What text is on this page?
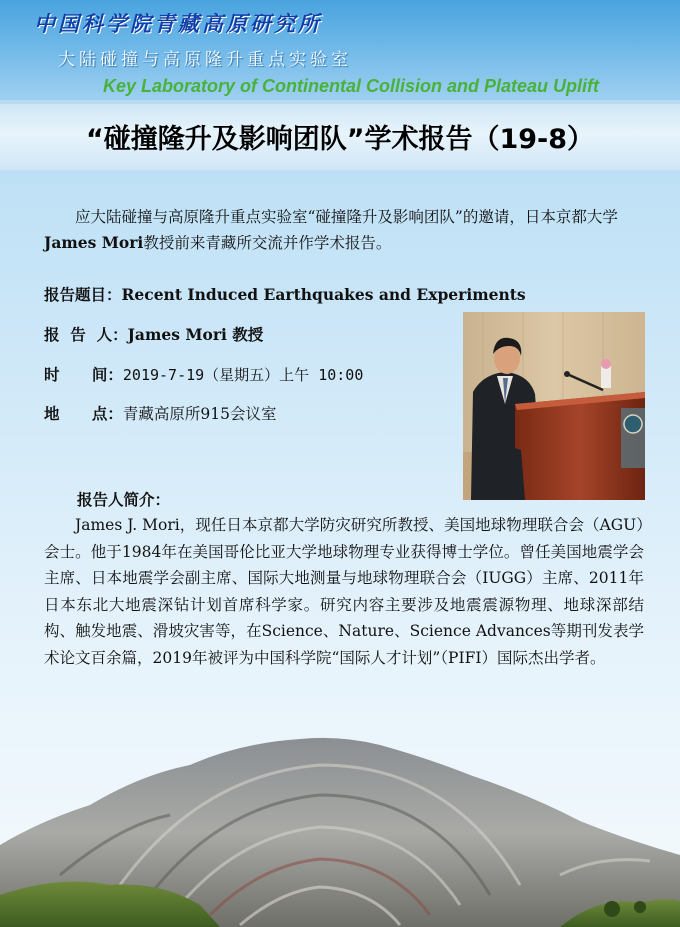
中国科学院青藏高原研究所
大陆碰撞与高原隆升重点实验室
Key Laboratory of Continental Collision and Plateau Uplift
“碰撞隆升及影响团队”学术报告（19-8）
应大陆碰撞与高原隆升重点实验室“碰撞隆升及影响团队”的邀请，日本京都大学James Mori教授前来青藏所交流并作学术报告。
报告题目：Recent Induced Earthquakes and Experiments
报  告  人：James Mori 教授
时      间：2019-7-19（星期五）上午 10:00
地      点：青藏高原所915会议室
报告人简介：
James J. Mori，现任日本京都大学防灾研究所教授、美国地球物理联合会（AGU）会士。他于1984年在美国哥伦比亚大学地球物理专业获得博士学位。曾任美国地震学会主席、日本地震学会副主席、国际大地测量与地球物理联合会（IUGG）主席、2011年日本东北大地震深钻计划首席科学家。研究内容主要涉及地震震源物理、地球深部结构、触发地震、滑坡灾害等，在Science、Nature、Science Advances等期刊发表学术论文百余篇，2019年被评为中国科学院“国际人才计划”（PIFI）国际杰出学者。
